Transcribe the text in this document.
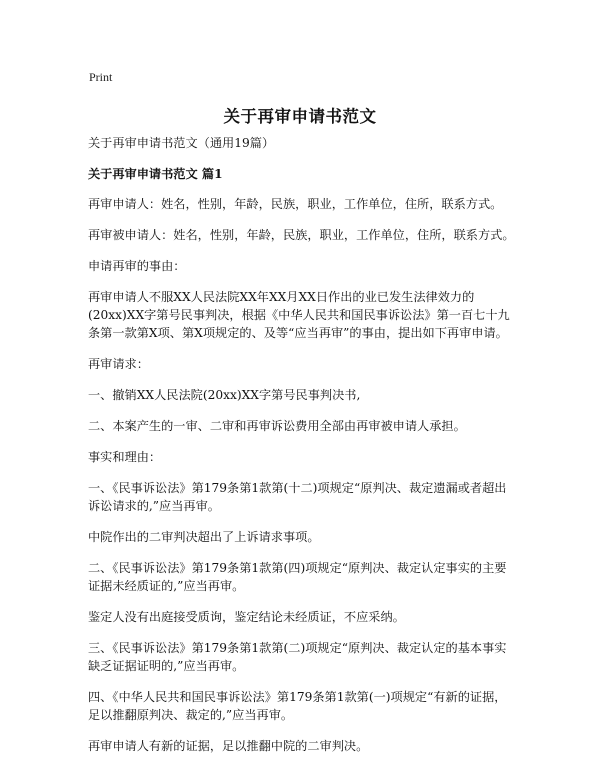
Print
关于再审申请书范文

关于再审申请书范文（通用19篇）

关于再审申请书范文 篇1

再审申请人：姓名，性别，年龄，民族，职业，工作单位，住所，联系方式。

再审被申请人：姓名，性别，年龄，民族，职业，工作单位，住所，联系方式。

申请再审的事由：

再审申请人不服XX人民法院XX年XX月XX日作出的业已发生法律效力的(20xx)XX字第号民事判决，根据《中华人民共和国民事诉讼法》第一百七十九条第一款第X项、第X项规定的、及等“应当再审”的事由，提出如下再审申请。

再审请求：

一、撤销XX人民法院(20xx)XX字第号民事判决书,

二、本案产生的一审、二审和再审诉讼费用全部由再审被申请人承担。

事实和理由：

一、《民事诉讼法》第179条第1款第(十二)项规定“原判决、裁定遗漏或者超出诉讼请求的,”应当再审。

中院作出的二审判决超出了上诉请求事项。

二、《民事诉讼法》第179条第1款第(四)项规定“原判决、裁定认定事实的主要证据未经质证的,”应当再审。

鉴定人没有出庭接受质询，鉴定结论未经质证，不应采纳。

三、《民事诉讼法》第179条第1款第(二)项规定“原判决、裁定认定的基本事实缺乏证据证明的,”应当再审。

四、《中华人民共和国民事诉讼法》第179条第1款第(一)项规定“有新的证据，足以推翻原判决、裁定的,”应当再审。

再审申请人有新的证据，足以推翻中院的二审判决。
